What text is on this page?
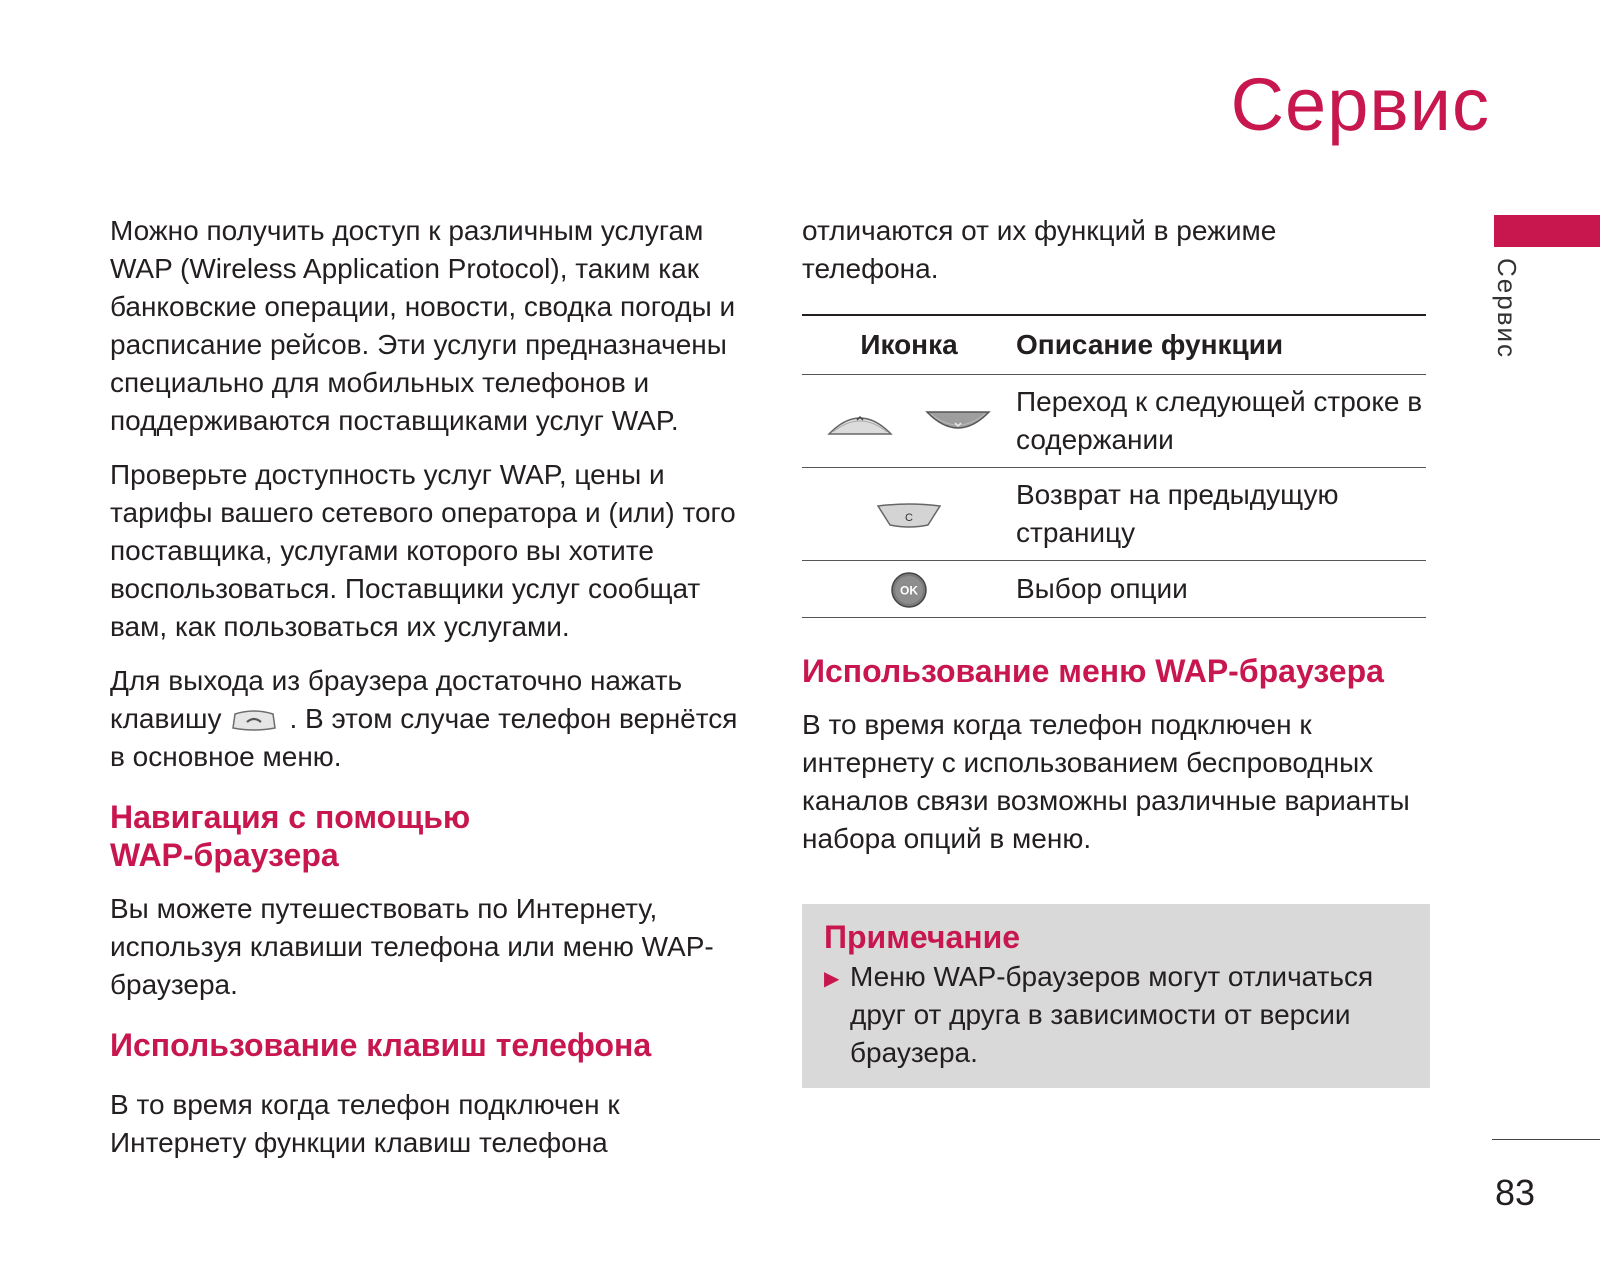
Сервис
Сервис

Можно получить доступ к различным услугам WAP (Wireless Application Protocol), таким как банковские операции, новости, сводка погоды и расписание рейсов. Эти услуги предназначены специально для мобильных телефонов и поддерживаются поставщиками услуг WAP.

Проверьте доступность услуг WAP, цены и тарифы вашего сетевого оператора и (или) того поставщика, услугами которого вы хотите воспользоваться. Поставщики услуг сообщат вам, как пользоваться их услугами.

Для выхода из браузера достаточно нажать клавишу . В этом случае телефон вернётся в основное меню.

Навигация с помощью WAP-браузера

Вы можете путешествовать по Интернету, используя клавиши телефона или меню WAP-браузера.

Использование клавиш телефона

В то время когда телефон подключен к Интернету функции клавиш телефона

отличаются от их функций в режиме телефона.

Иконка	Описание функции
	Переход к следующей строке в содержании

C	Возврат на предыдущую страницу

OK	Выбор опции
Использование меню WAP-браузера

В то время когда телефон подключен к интернету с использованием беспроводных каналов связи возможны различные варианты набора опций в меню.

Примечание
▶ Меню WAP-браузеров могут отличаться друг от друга в зависимости от версии браузера.
83
